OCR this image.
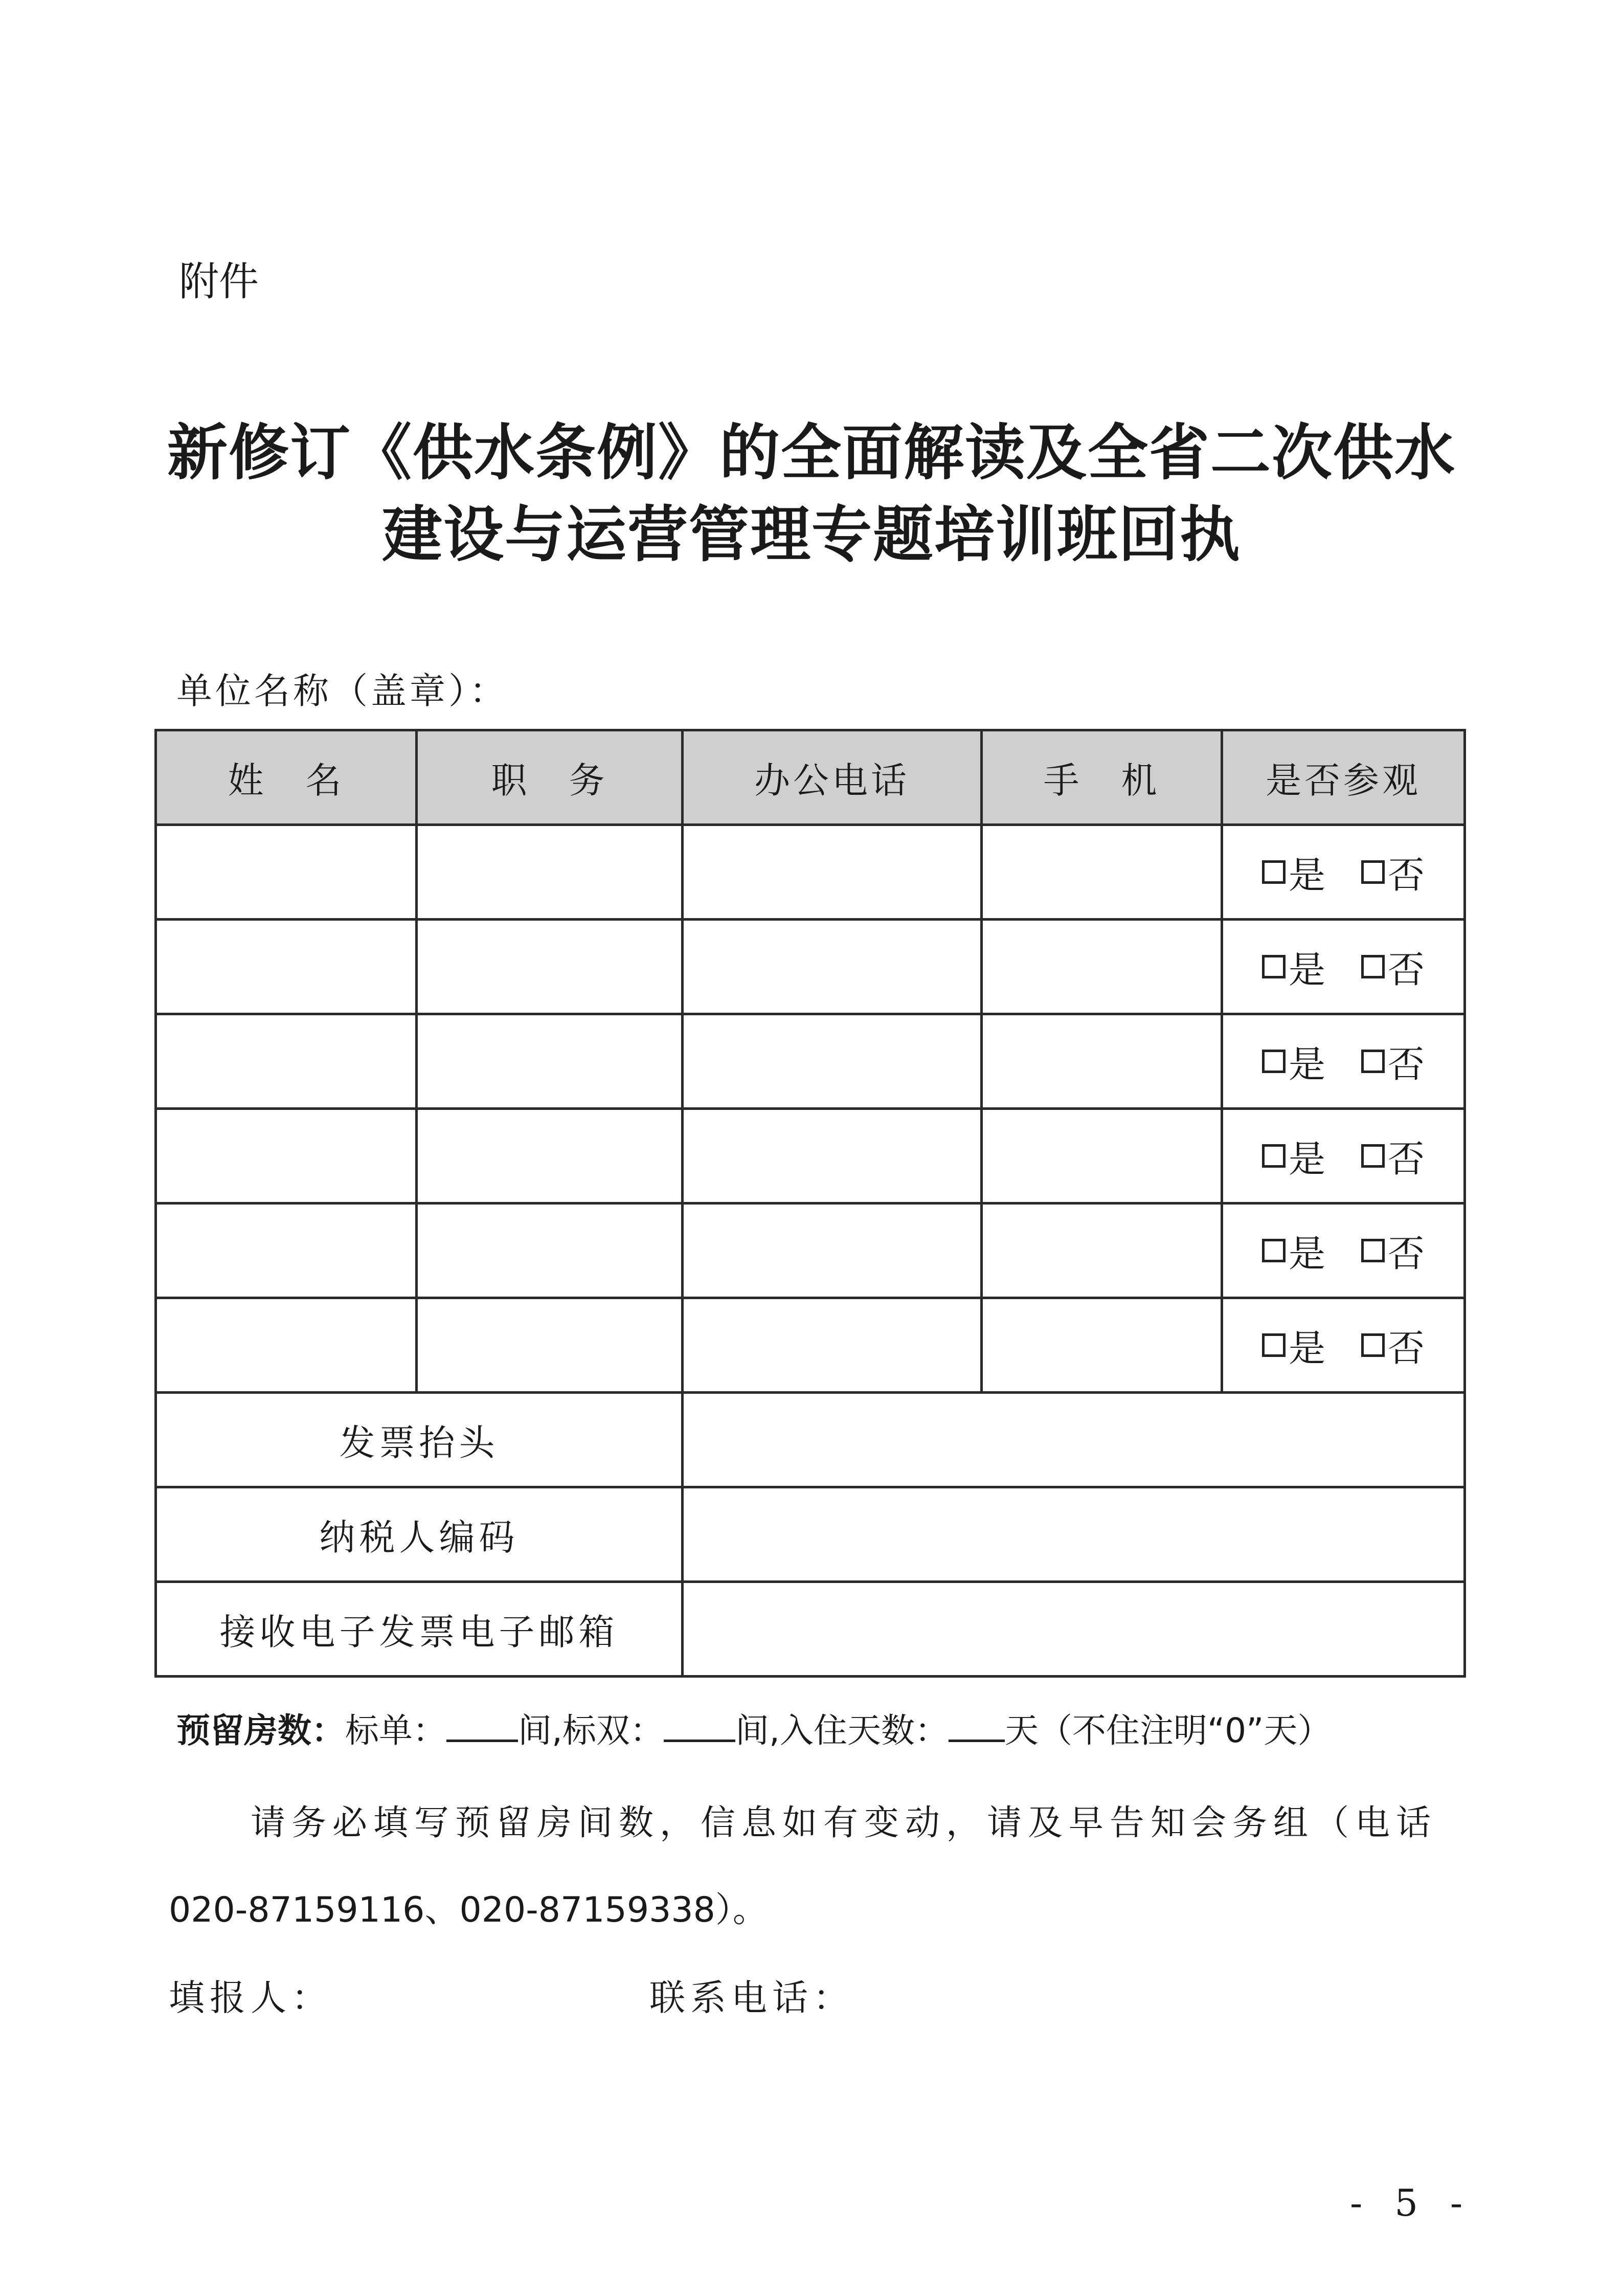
附件
新修订《供水条例》的全面解读及全省二次供水
建设与运营管理专题培训班回执
单位名称（盖章）：
姓　名	职　务	办公电话	手　机	是否参观

				是 否

				是 否

				是 否

				是 否

				是 否

				是 否

发票抬头				
纳税人编码				
接收电子发票电子邮箱				
预留房数：标单： 间,标双： 间,入住天数： 天（不住注明“0”天）
请务必填写预留房间数，信息如有变动，请及早告知会务组（电话
020-87159116、020-87159338）。
填报人：	联系电话：
- 5 -
